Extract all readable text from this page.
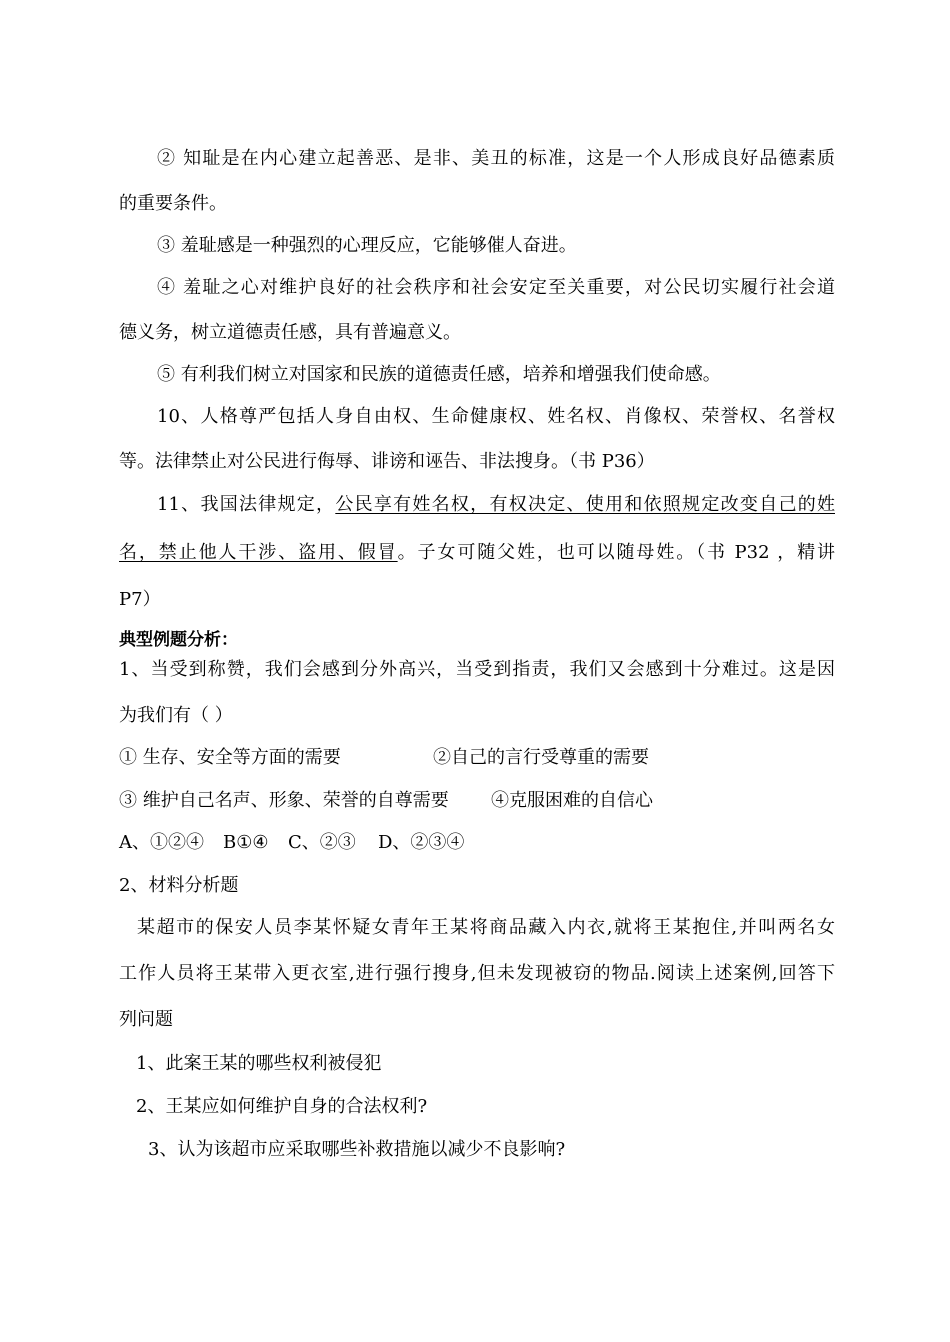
② 知耻是在内心建立起善恶、是非、美丑的标准，这是一个人形成良好品德素质
的重要条件。
③ 羞耻感是一种强烈的心理反应，它能够催人奋进。
④ 羞耻之心对维护良好的社会秩序和社会安定至关重要，对公民切实履行社会道
德义务，树立道德责任感，具有普遍意义。
⑤ 有利我们树立对国家和民族的道德责任感，培养和增强我们使命感。
10、人格尊严包括人身自由权、生命健康权、姓名权、肖像权、荣誉权、名誉权
等。法律禁止对公民进行侮辱、诽谤和诬告、非法搜身。（书 P36）
11、我国法律规定，公民享有姓名权，有权决定、使用和依照规定改变自己的姓
名，禁止他人干涉、盗用、假冒。子女可随父姓，也可以随母姓。（书 P32 ，精讲
P7）
典型例题分析：
1、当受到称赞，我们会感到分外高兴，当受到指责，我们又会感到十分难过。这是因
为我们有（ ）
① 生存、安全等方面的需要	②自己的言行受尊重的需要
③ 维护自己名声、形象、荣誉的自尊需要 ④克服困难的自信心
A、①②④ B①④ C、②③ D、②③④
2、材料分析题
某超市的保安人员李某怀疑女青年王某将商品藏入内衣,就将王某抱住,并叫两名女
工作人员将王某带入更衣室,进行强行搜身,但未发现被窃的物品.阅读上述案例,回答下
列问题
1、此案王某的哪些权利被侵犯
2、王某应如何维护自身的合法权利?
3、认为该超市应采取哪些补救措施以减少不良影响?
